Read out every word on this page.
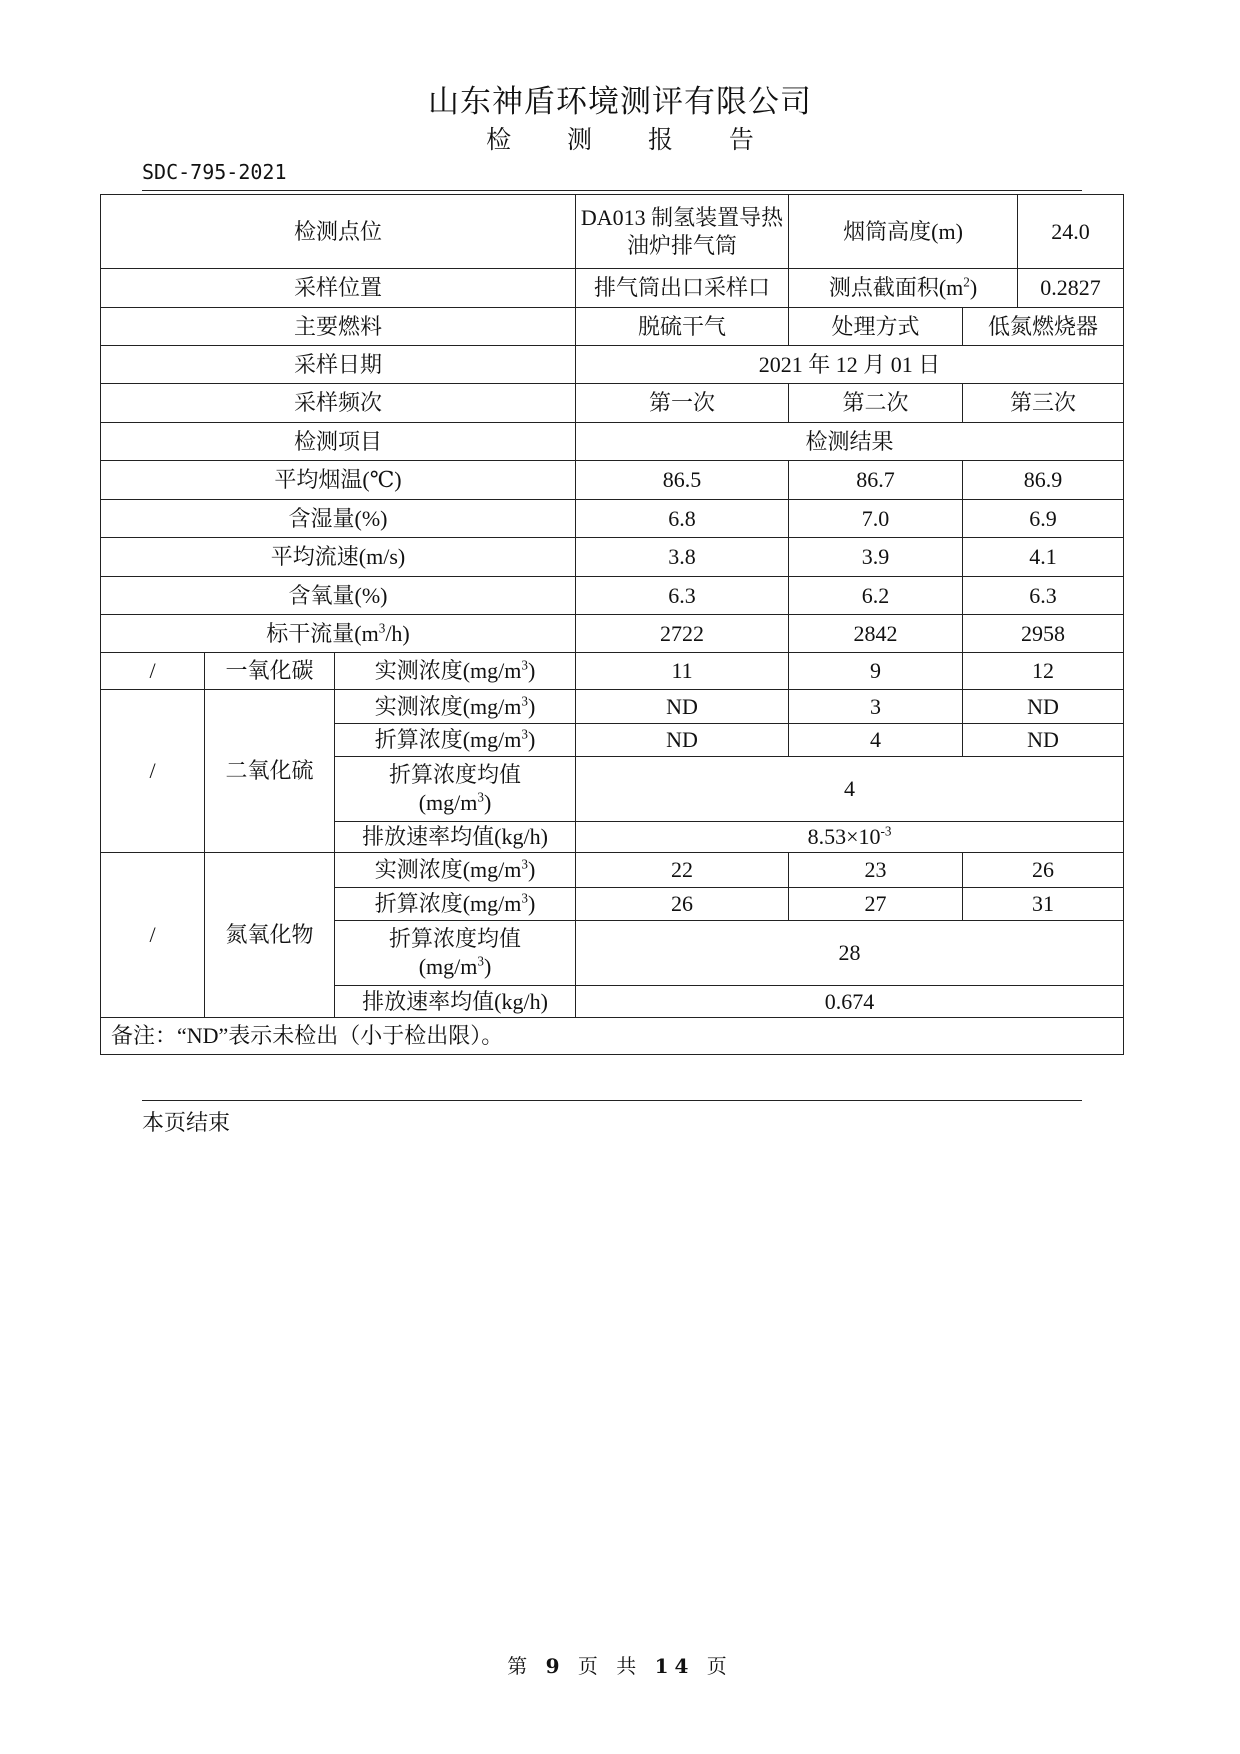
山东神盾环境测评有限公司
检 测 报 告
SDC-795-2021
检测点位			DA013 制氢装置导热油炉排气筒	烟筒高度(m)		24.0
采样位置			排气筒出口采样口	测点截面积$(m^2)$		0.2827
主要燃料			脱硫干气	处理方式	低氮燃烧器	
采样日期			2021 年 12 月 01 日			
采样频次			第一次	第二次	第三次	
检测项目			检测结果			
平均烟温(℃)			86.5	86.7	86.9	
含湿量(%)			6.8	7.0	6.9	
平均流速(m/s)			3.8	3.9	4.1	
含氧量(%)			6.3	6.2	6.3	
标干流量$(m^3/h)$			2722	2842	2958	
/	一氧化碳	实测浓度$(mg/m^3)$	11	9	12	
/	二氧化硫	实测浓度$(mg/m^3)$	ND	3	ND	
		折算浓度$(mg/m^3)$	ND	4	ND	
		折算浓度均值
$(mg/m^3)$	4			
		排放速率均值(kg/h)	$8.53\times 10^{-3}$
/	氮氧化物	实测浓度$(mg/m^3)$	22	23	26	
		折算浓度$(mg/m^3)$	26	27	31	
		折算浓度均值
$(mg/m^3)$	28			
		排放速率均值(kg/h)	0.674			
备注：“ND”表示未检出（小于检出限）。						
本页结束
第 9 页 共 14 页
